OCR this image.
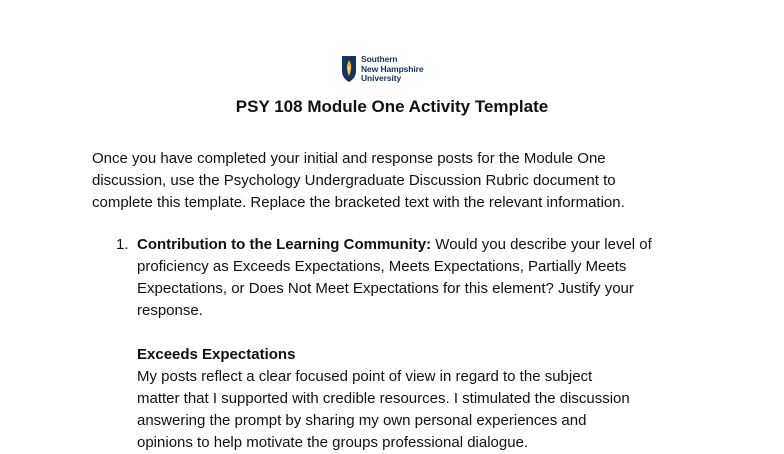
Southern
New Hampshire
University
PSY 108 Module One Activity Template
Once you have completed your initial and response posts for the Module One
discussion, use the Psychology Undergraduate Discussion Rubric document to
complete this template. Replace the bracketed text with the relevant information.
1. Contribution to the Learning Community: Would you describe your level of
proficiency as Exceeds Expectations, Meets Expectations, Partially Meets
Expectations, or Does Not Meet Expectations for this element? Justify your
response.
Exceeds Expectations
My posts reflect a clear focused point of view in regard to the subject
matter that I supported with credible resources. I stimulated the discussion
answering the prompt by sharing my own personal experiences and
opinions to help motivate the groups professional dialogue.
